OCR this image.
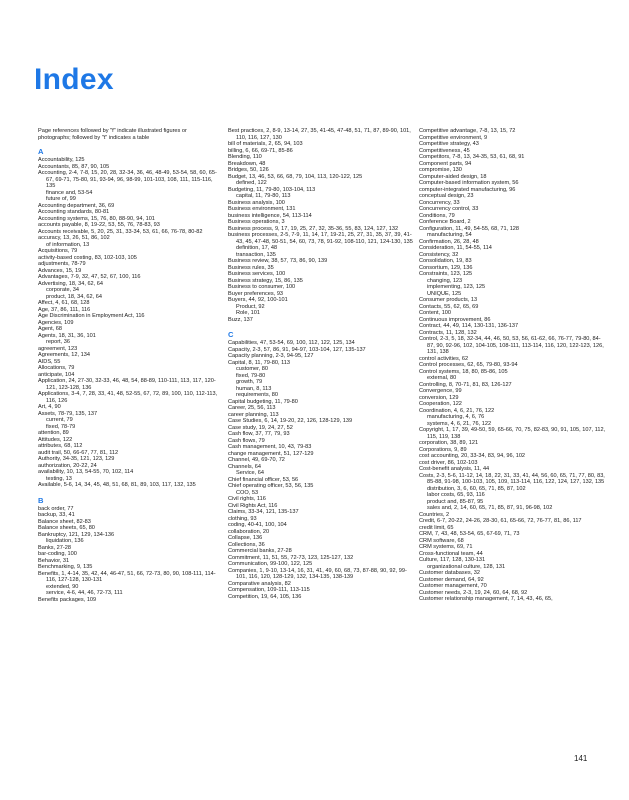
Index

Page references followed by "f" indicate illustrated figures or photographs; followed by "t" indicates a table

A

Accountability, 125

Accountants, 85, 87, 90, 105

Accounting, 2-4, 7-8, 15, 20, 28, 32-34, 36, 46, 48-49, 53-54, 58, 60, 65-67, 69-71, 75-80, 91, 93-94, 96, 98-99, 101-103, 108, 111, 115-116, 135

finance and, 53-54

future of, 99

Accounting department, 36, 69

Accounting standards, 80-81

Accounting systems, 15, 76, 80, 88-90, 94, 101

accounts payable, 8, 19-22, 53, 55, 76, 78-83, 93

Accounts receivable, 5, 20, 25, 31, 33-34, 53, 61, 66, 76-78, 80-82

accuracy, 13, 26, 51, 86, 102

of information, 13

Acquisitions, 79

activity-based costing, 83, 102-103, 105

adjustments, 78-79

Advances, 15, 19

Advantages, 7-9, 32, 47, 52, 67, 100, 116

Advertising, 18, 34, 62, 64

corporate, 34

product, 18, 34, 62, 64

Affect, 4, 61, 68, 128

Age, 37, 86, 111, 116

Age Discrimination in Employment Act, 116

Agencies, 109

Agent, 68

Agents, 18, 31, 36, 101

report, 36

agreement, 123

Agreements, 12, 134

AIDS, 55

Allocations, 79

anticipate, 104

Application, 24, 27-30, 32-33, 46, 48, 54, 88-89, 110-111, 113, 117, 120-121, 123-128, 136

Applications, 3-4, 7, 28, 33, 41, 48, 52-55, 67, 72, 89, 100, 110, 112-113, 116, 126

Art, 4, 90

Assets, 78-79, 135, 137

current, 79

fixed, 78-79

attention, 89

Attitudes, 122

attributes, 68, 112

audit trail, 50, 66-67, 77, 81, 112

Authority, 34-35, 121, 123, 129

authorization, 20-22, 24

availability, 10, 13, 54-55, 70, 102, 114

testing, 13

Available, 5-6, 14, 34, 45, 48, 51, 68, 81, 89, 103, 117, 132, 135

B

back order, 77

backup, 33, 41

Balance sheet, 82-83

Balance sheets, 65, 80

Bankruptcy, 121, 129, 134-136

liquidation, 136

Banks, 27-28

bar-coding, 100

Behavior, 31

Benchmarking, 9, 135

Benefits, 1, 4-14, 35, 42, 44, 46-47, 51, 66, 72-73, 80, 90, 108-111, 114-116, 127-128, 130-131

extended, 90

service, 4-6, 44, 46, 72-73, 111

Benefits packages, 109

Best practices, 2, 8-9, 13-14, 27, 35, 41-45, 47-48, 51, 71, 87, 89-90, 101, 110, 116, 127, 130

bill of materials, 2, 65, 94, 103

billing, 6, 66, 69-71, 85-86

Blending, 110

Breakdown, 48

Bridges, 50, 126

Budget, 13, 46, 53, 66, 68, 79, 104, 113, 120-122, 125

defined, 122

Budgeting, 11, 79-80, 103-104, 113

capital, 11, 79-80, 113

Business analysis, 100

Business environment, 131

business intelligence, 54, 113-114

Business operations, 3

Business process, 9, 17, 19, 25, 27, 32, 35-36, 55, 83, 124, 127, 132

business processes, 2-5, 7-9, 11, 14, 17, 19-21, 25, 27, 31, 35, 37, 39, 41-43, 45, 47-48, 50-51, 54, 60, 73, 78, 91-92, 108-110, 121, 124-130, 135

definition, 17, 48

transaction, 135

Business review, 38, 57, 73, 86, 90, 139

Business rules, 35

Business services, 100

Business strategy, 15, 86, 135

Business to consumer, 100

Buyer preferences, 93

Buyers, 44, 92, 100-101

Product, 92

Role, 101

Buzz, 137

C

Capabilities, 47, 53-54, 69, 100, 112, 122, 125, 134

Capacity, 2-3, 57, 86, 91, 94-97, 103-104, 127, 135-137

Capacity planning, 2-3, 94-95, 127

Capital, 8, 11, 79-80, 113

customer, 80

fixed, 79-80

growth, 79

human, 8, 113

requirements, 80

Capital budgeting, 11, 79-80

Career, 25, 56, 113

career planning, 113

Case Studies, 6, 14, 19-20, 22, 126, 128-129, 139

Case study, 19, 24, 27, 52

Cash flow, 37, 77, 79, 93

Cash flows, 79

Cash management, 10, 43, 79-83

change management, 51, 127-129

Channel, 49, 69-70, 72

Channels, 64

Service, 64

Chief financial officer, 53, 56

Chief operating officer, 53, 56, 135

COO, 53

Civil rights, 116

Civil Rights Act, 116

Claims, 33-34, 121, 135-137

clothing, 93

coding, 40-41, 100, 104

collaboration, 20

Collapse, 136

Collections, 36

Commercial banks, 27-28

Commitment, 11, 51, 55, 72-73, 123, 125-127, 132

Communication, 99-100, 122, 125

Companies, 1, 9-10, 13-14, 16, 31, 41, 49, 60, 68, 73, 87-88, 90, 92, 99-101, 116, 120, 128-129, 132, 134-135, 138-139

Comparative analysis, 82

Compensation, 109-111, 113-115

Competition, 19, 64, 105, 136

Competitive advantage, 7-8, 13, 15, 72

Competitive environment, 9

Competitive strategy, 43

Competitiveness, 45

Competitors, 7-8, 13, 34-35, 53, 61, 68, 91

Component parts, 94

compromise, 130

Computer-aided design, 18

Computer-based information system, 56

computer-integrated manufacturing, 96

conceptual design, 23

Concurrency, 33

Concurrency control, 33

Conditions, 79

Conference Board, 2

Configuration, 11, 49, 54-55, 68, 71, 128

manufacturing, 54

Confirmation, 26, 28, 48

Consideration, 11, 54-55, 114

Consistency, 32

Consolidation, 19, 83

Consortium, 129, 136

Constraints, 123, 125

changing, 123

implementing, 123, 125

UNIQUE, 125

Consumer products, 13

Contacts, 55, 62, 65, 69

Content, 100

Continuous improvement, 86

Contract, 44, 49, 114, 130-131, 136-137

Contracts, 11, 128, 132

Control, 2-3, 5, 18, 32-34, 44, 46, 50, 53, 56, 61-62, 66, 76-77, 79-80, 84-87, 90, 92-96, 102, 104-105, 108-111, 113-114, 116, 120, 122-123, 126, 131, 138

control activities, 62

Control processes, 62, 65, 79-80, 93-94

Control systems, 18, 80, 85-86, 105

external, 80

Controlling, 8, 70-71, 81, 83, 126-127

Convergence, 99

conversion, 129

Cooperation, 122

Coordination, 4, 6, 21, 76, 122

manufacturing, 4, 6, 76

systems, 4, 6, 21, 76, 122

Copyright, 1, 17, 39, 49-50, 59, 65-66, 70, 75, 82-83, 90, 91, 105, 107, 112, 115, 119, 138

corporation, 38, 89, 121

Corporations, 9, 89

cost accounting, 20, 33-34, 83, 94, 96, 102

cost driver, 86, 102-103

Cost-benefit analysis, 11, 44

Costs, 2-3, 5-6, 11-12, 14, 18, 22, 31, 33, 41, 44, 56, 60, 65, 71, 77, 80, 83, 85-88, 91-98, 100-103, 105, 109, 113-114, 116, 122, 124, 127, 132, 135

distribution, 3, 6, 60, 65, 71, 85, 87, 102

labor costs, 65, 93, 116

product and, 85-87, 95

sales and, 2, 14, 60, 65, 71, 85, 87, 91, 96-98, 102

Countries, 2

Credit, 6-7, 20-22, 24-26, 28-30, 61, 65-66, 72, 76-77, 81, 86, 117

credit limit, 65

CRM, 7, 43, 48, 53-54, 65, 67-69, 71, 73

CRM software, 68

CRM systems, 69, 71

Cross-functional team, 44

Culture, 117, 128, 130-131

organizational culture, 128, 131

Customer databases, 32

Customer demand, 64, 92

Customer management, 70

Customer needs, 2-3, 19, 24, 60, 64, 68, 92

Customer relationship management, 7, 14, 43, 46, 65,

141
